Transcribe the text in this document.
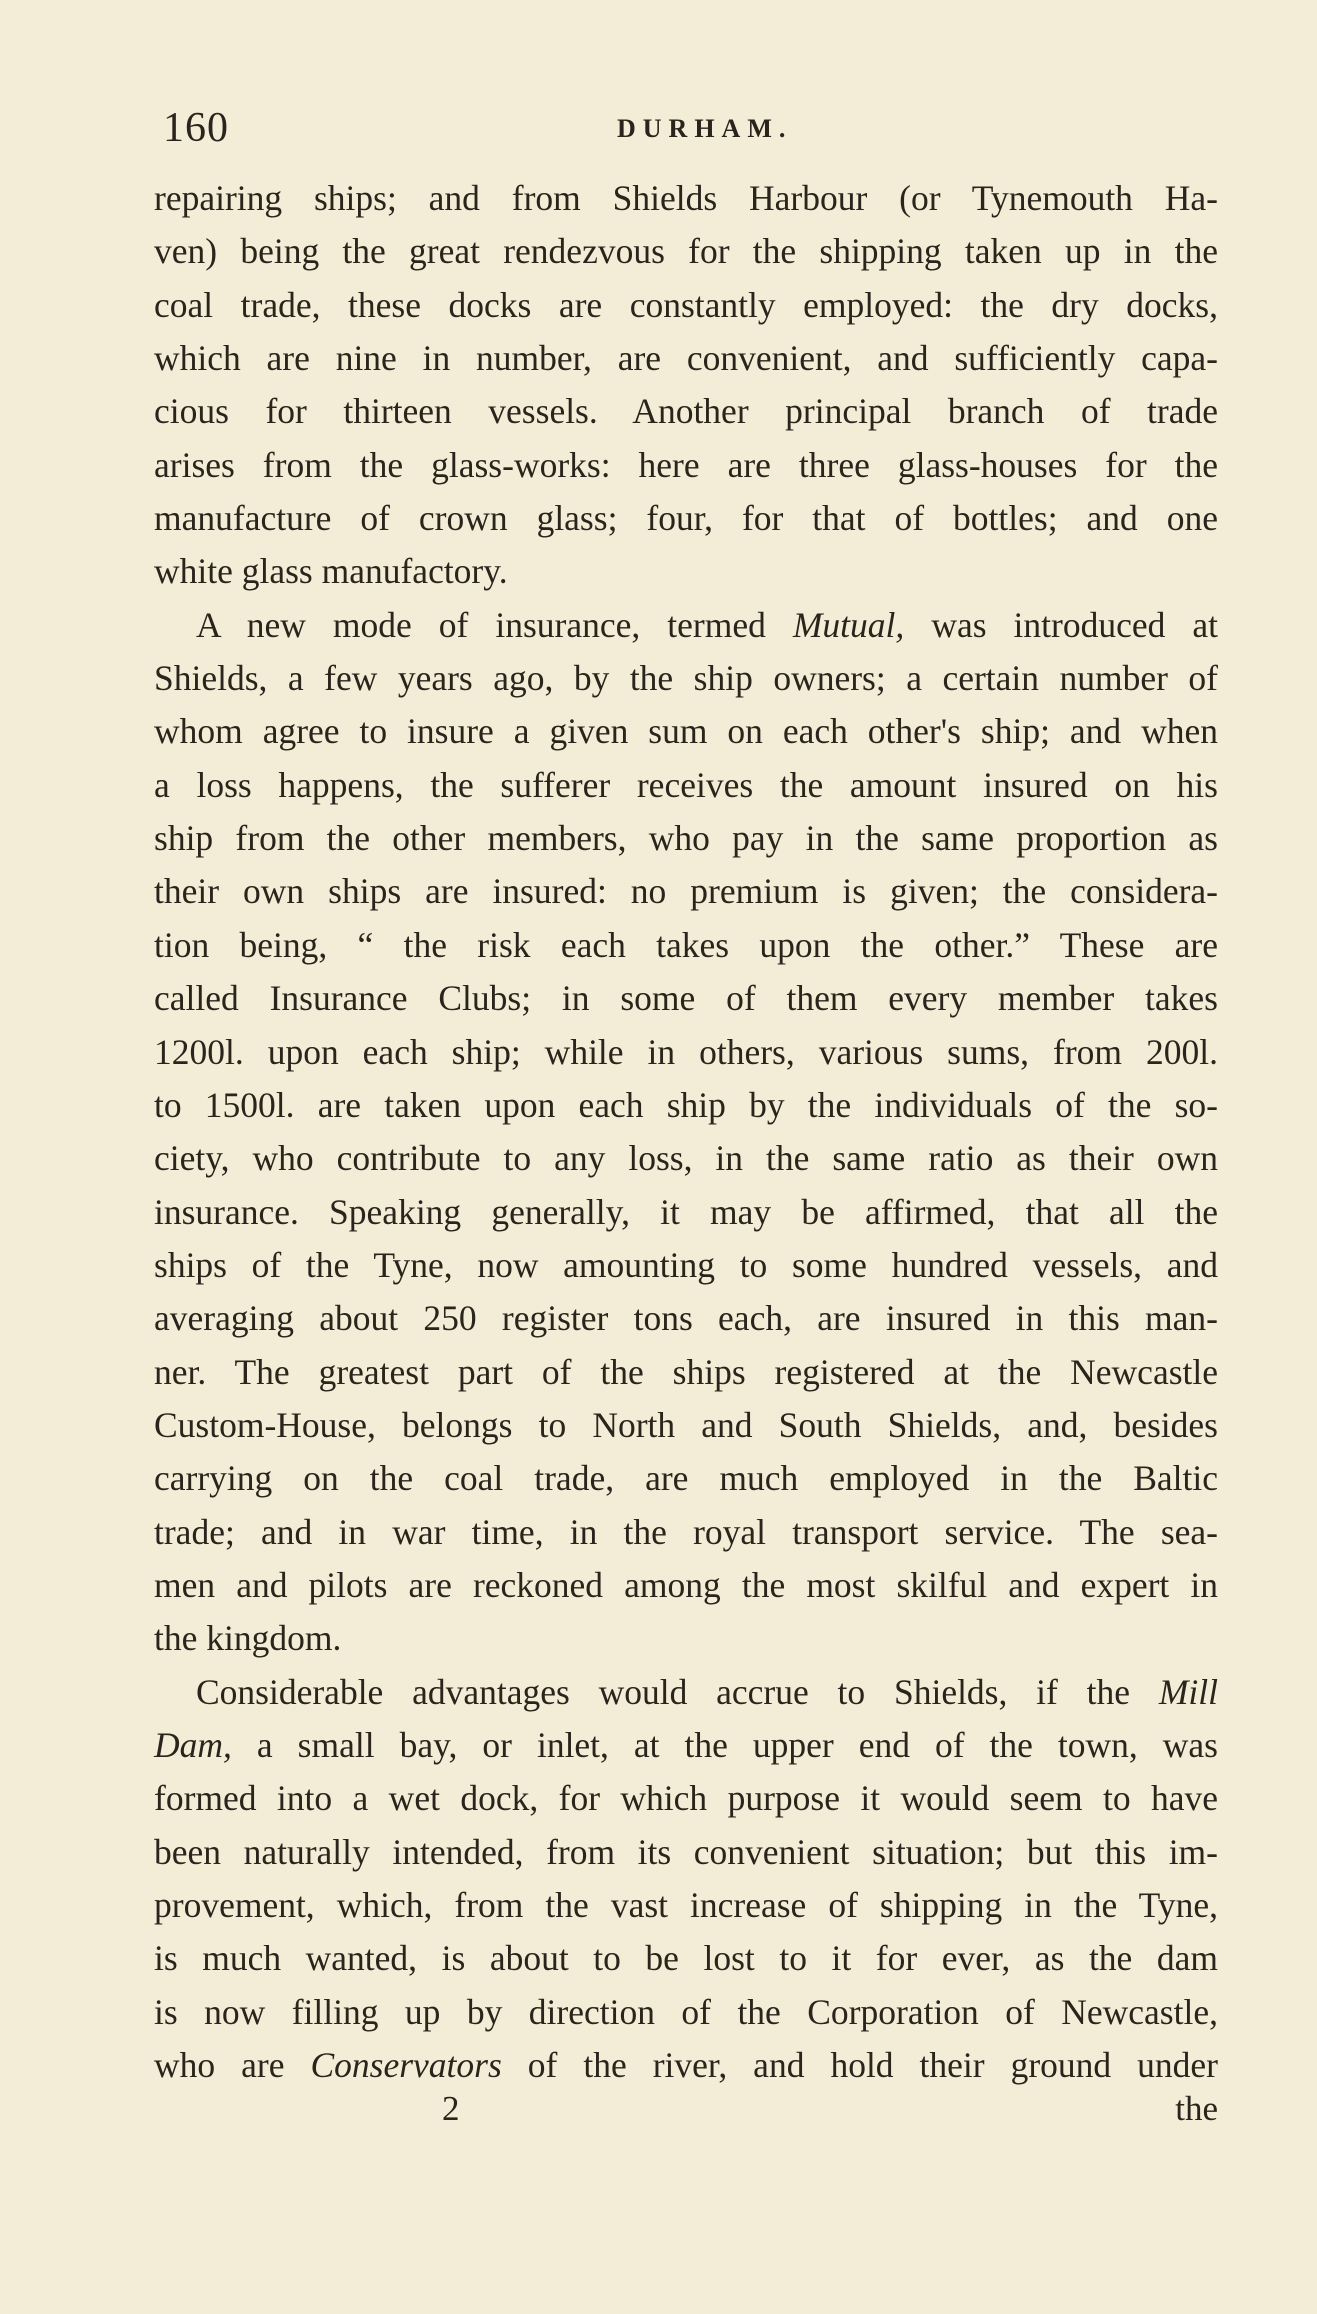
160	DURHAM.
repairing ships; and from Shields Harbour (or Tynemouth Ha-
ven) being the great rendezvous for the shipping taken up in the
coal trade, these docks are constantly employed: the dry docks,
which are nine in number, are convenient, and sufficiently capa-
cious for thirteen vessels. Another principal branch of trade
arises from the glass-works: here are three glass-houses for the
manufacture of crown glass; four, for that of bottles; and one
white glass manufactory.
A new mode of insurance, termed Mutual, was introduced at
Shields, a few years ago, by the ship owners; a certain number of
whom agree to insure a given sum on each other's ship; and when
a loss happens, the sufferer receives the amount insured on his
ship from the other members, who pay in the same proportion as
their own ships are insured: no premium is given; the considera-
tion being, “ the risk each takes upon the other.” These are
called Insurance Clubs; in some of them every member takes
1200l. upon each ship; while in others, various sums, from 200l.
to 1500l. are taken upon each ship by the individuals of the so-
ciety, who contribute to any loss, in the same ratio as their own
insurance. Speaking generally, it may be affirmed, that all the
ships of the Tyne, now amounting to some hundred vessels, and
averaging about 250 register tons each, are insured in this man-
ner. The greatest part of the ships registered at the Newcastle
Custom-House, belongs to North and South Shields, and, besides
carrying on the coal trade, are much employed in the Baltic
trade; and in war time, in the royal transport service. The sea-
men and pilots are reckoned among the most skilful and expert in
the kingdom.
Considerable advantages would accrue to Shields, if the Mill
Dam, a small bay, or inlet, at the upper end of the town, was
formed into a wet dock, for which purpose it would seem to have
been naturally intended, from its convenient situation; but this im-
provement, which, from the vast increase of shipping in the Tyne,
is much wanted, is about to be lost to it for ever, as the dam
is now filling up by direction of the Corporation of Newcastle,
who are Conservators of the river, and hold their ground under
2	the
